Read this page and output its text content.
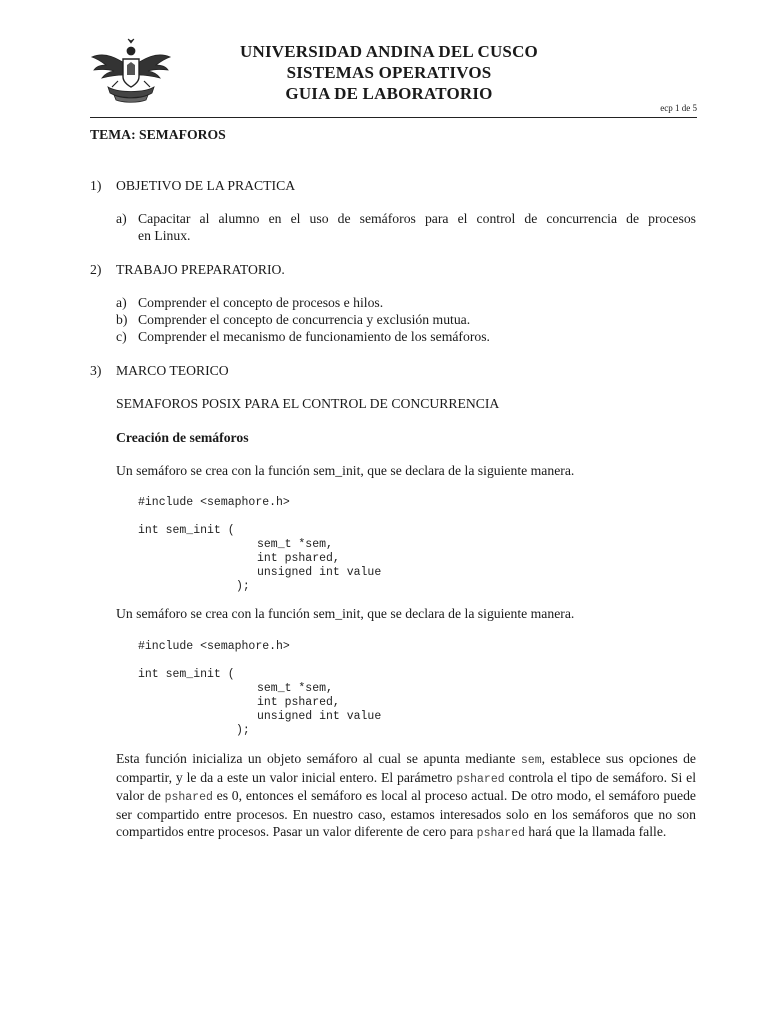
UNIVERSIDAD ANDINA DEL CUSCO
SISTEMAS OPERATIVOS
GUIA DE LABORATORIO
ecp 1 de 5
TEMA: SEMAFOROS
1) OBJETIVO DE LA PRACTICA
a) Capacitar al alumno en el uso de semáforos para el control de concurrencia de procesos
en Linux.
2) TRABAJO PREPARATORIO.
a) Comprender el concepto de procesos e hilos.
b) Comprender el concepto de concurrencia y exclusión mutua.
c) Comprender el mecanismo de funcionamiento de los semáforos.
3) MARCO TEORICO
SEMAFOROS POSIX PARA EL CONTROL DE CONCURRENCIA
Creación de semáforos
Un semáforo se crea con la función sem_init, que se declara de la siguiente manera.
#include <semaphore.h>
int sem_init (
sem_t *sem,
int pshared,
unsigned int value
);
Un semáforo se crea con la función sem_init, que se declara de la siguiente manera.
#include <semaphore.h>
int sem_init (
sem_t *sem,
int pshared,
unsigned int value
);
Esta función inicializa un objeto semáforo al cual se apunta mediante sem, establece sus opciones de compartir, y le da a este un valor inicial entero. El parámetro pshared controla el tipo de semáforo. Si el valor de pshared es 0, entonces el semáforo es local al proceso actual. De otro modo, el semáforo puede ser compartido entre procesos. En nuestro caso, estamos interesados solo en los semáforos que no son compartidos entre procesos. Pasar un valor diferente de cero para pshared hará que la llamada falle.
